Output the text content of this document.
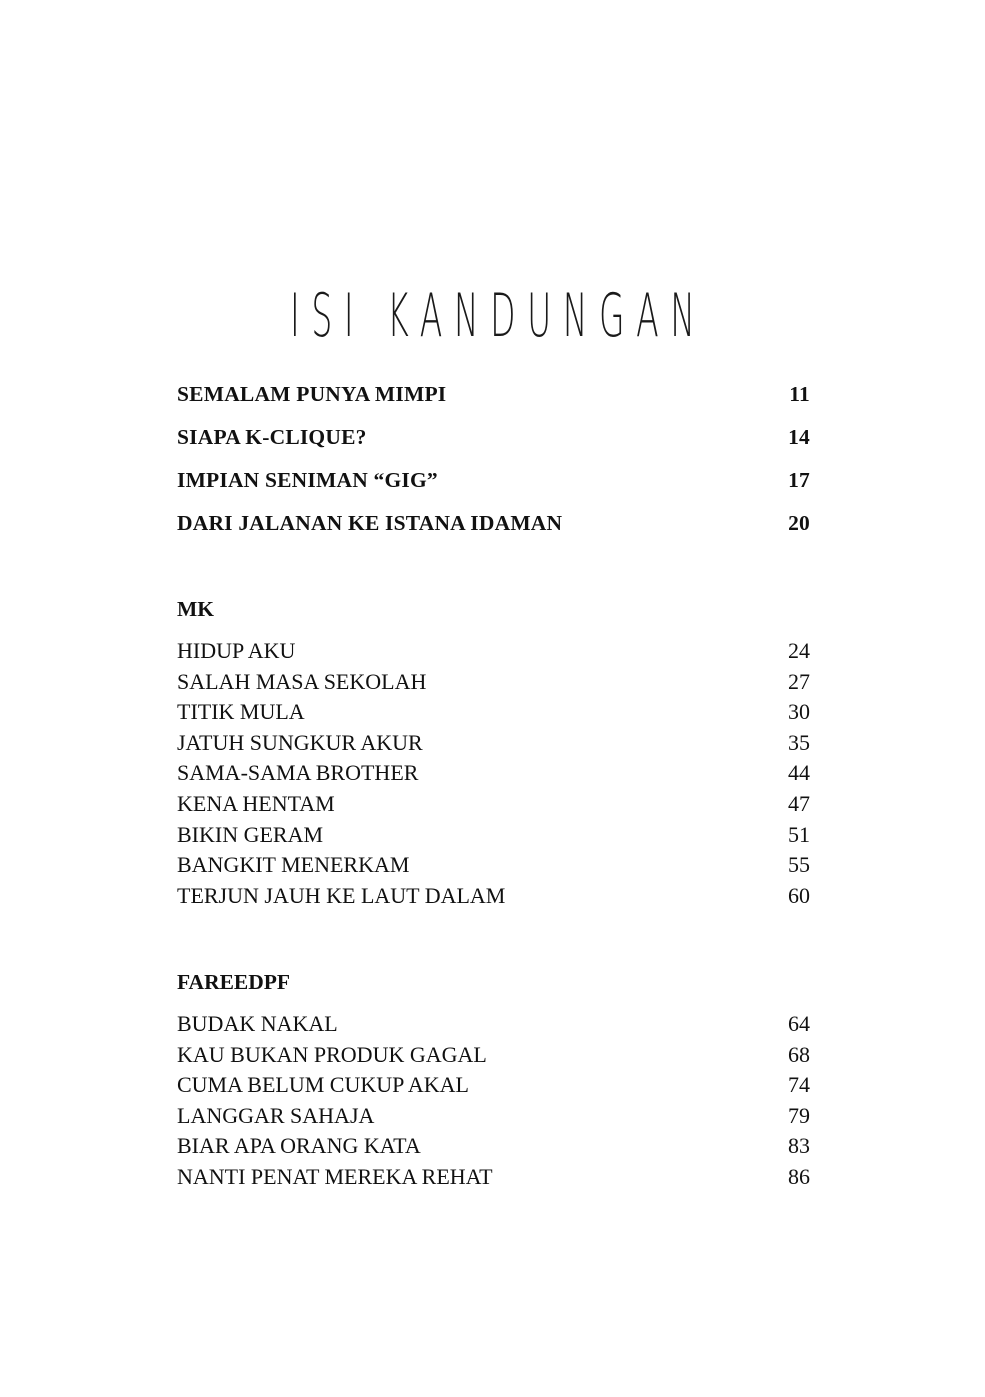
ISI KANDUNGAN
SEMALAM PUNYA MIMPI	11
SIAPA K-CLIQUE?	14
IMPIAN SENIMAN “GIG”	17
DARI JALANAN KE ISTANA IDAMAN	20
MK
HIDUP AKU	24
SALAH MASA SEKOLAH	27
TITIK MULA	30
JATUH SUNGKUR AKUR	35
SAMA-SAMA BROTHER	44
KENA HENTAM	47
BIKIN GERAM	51
BANGKIT MENERKAM	55
TERJUN JAUH KE LAUT DALAM	60
FAREEDPF
BUDAK NAKAL	64
KAU BUKAN PRODUK GAGAL	68
CUMA BELUM CUKUP AKAL	74
LANGGAR SAHAJA	79
BIAR APA ORANG KATA	83
NANTI PENAT MEREKA REHAT	86
